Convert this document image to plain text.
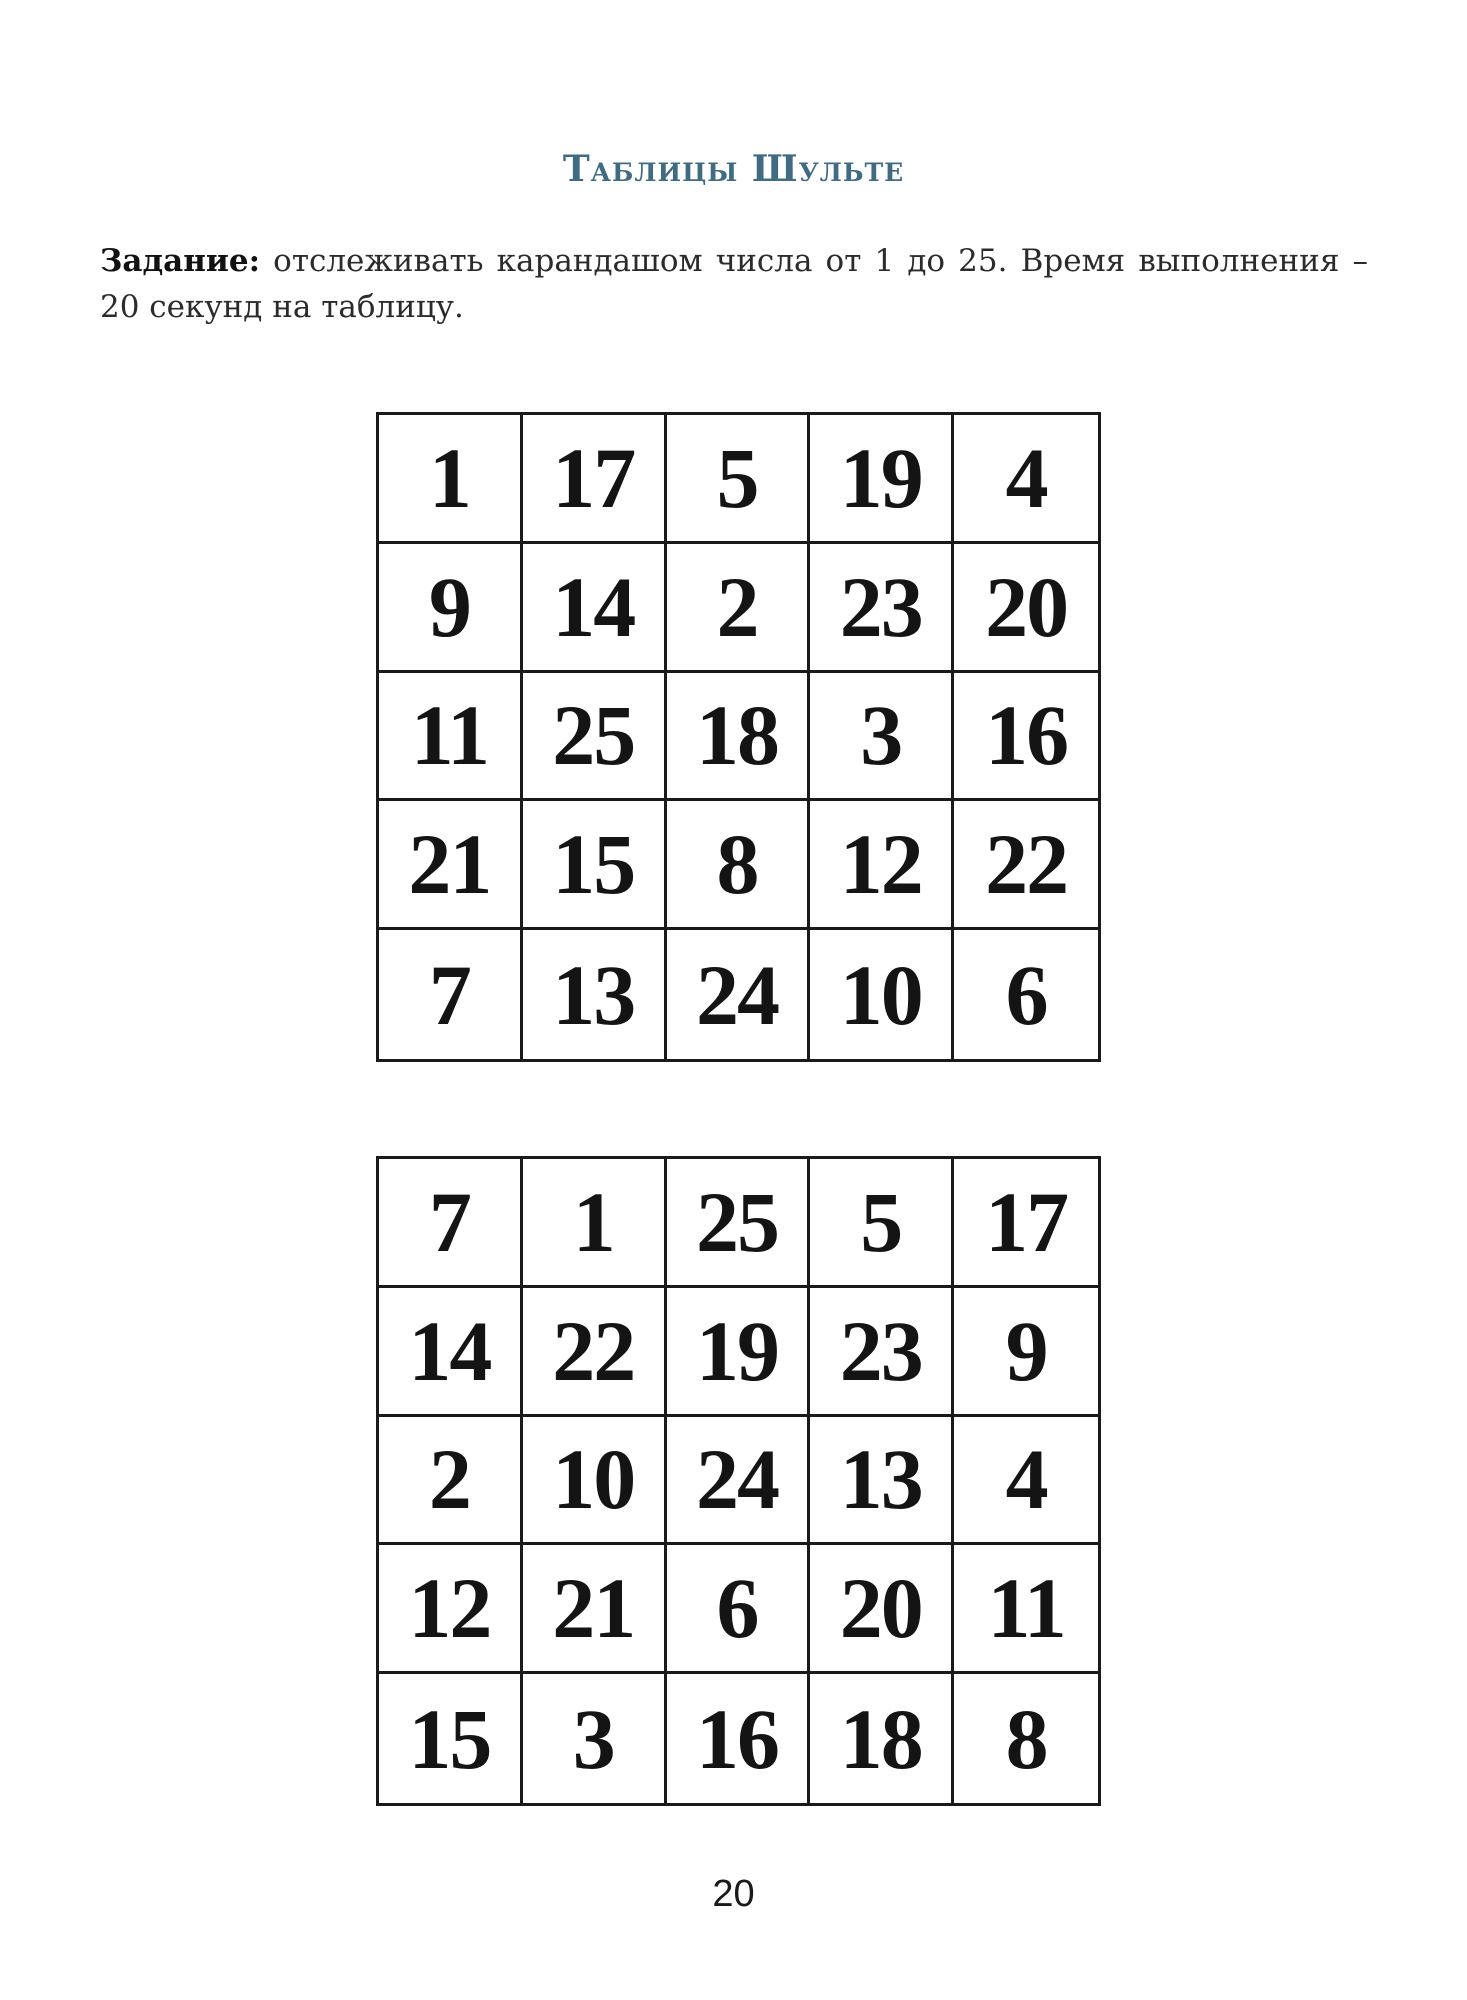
Таблицы Шульте
Задание: отслеживать карандашом числа от 1 до 25. Время выполнения – 20 секунд на таблицу.
1 17 5 19 4
9 14 2 23 20
11 25 18 3 16
21 15 8 12 22
7 13 24 10 6
7	1 25 5 17
14 22 19 23 9
2 10 24 13 4
12 21 6 20 11
15 3 16 18 8
20
